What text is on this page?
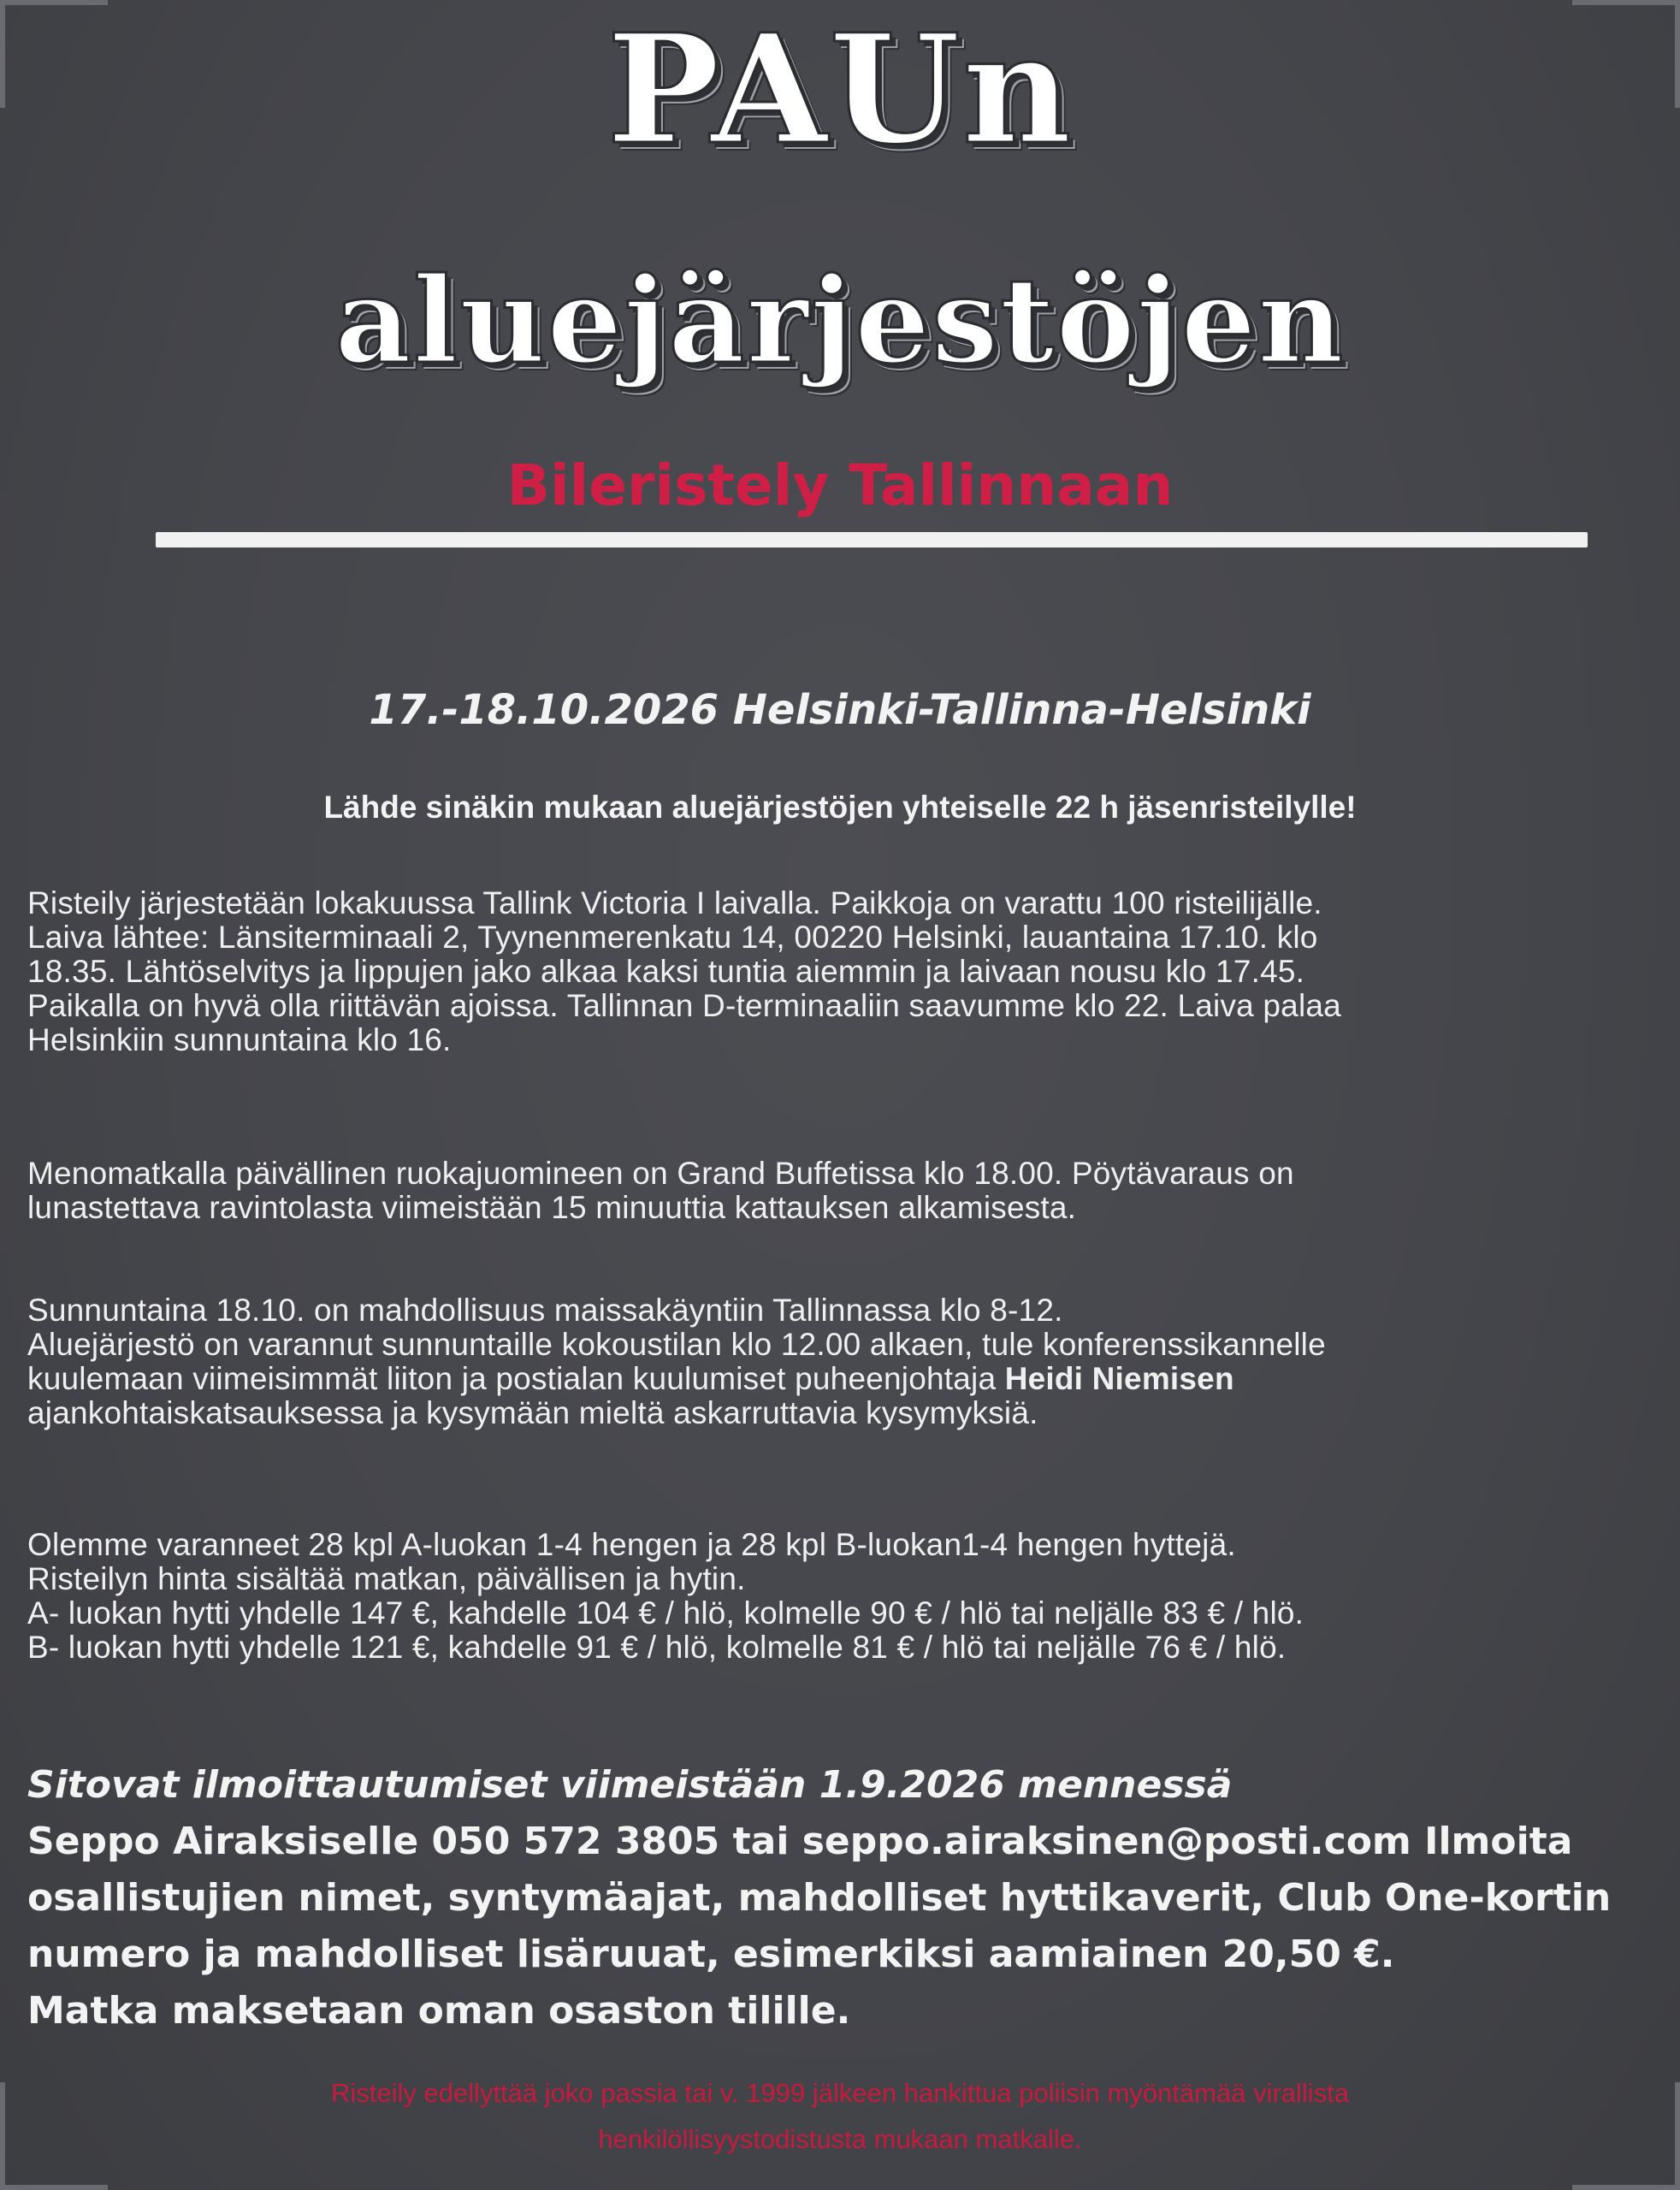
PAUn
aluejärjestöjen
Bileristely Tallinnaan

17.-18.10.2026 Helsinki-Tallinna-Helsinki

Lähde sinäkin mukaan aluejärjestöjen yhteiselle 22 h jäsenristeilylle!

Risteily järjestetään lokakuussa Tallink Victoria I laivalla. Paikkoja on varattu 100 risteilijälle.

Laiva lähtee: Länsiterminaali 2, Tyynenmerenkatu 14, 00220 Helsinki, lauantaina 17.10. klo

18.35. Lähtöselvitys ja lippujen jako alkaa kaksi tuntia aiemmin ja laivaan nousu klo 17.45.

Paikalla on hyvä olla riittävän ajoissa. Tallinnan D-terminaaliin saavumme klo 22. Laiva palaa

Helsinkiin sunnuntaina klo 16.

Menomatkalla päivällinen ruokajuomineen on Grand Buffetissa klo 18.00. Pöytävaraus on

lunastettava ravintolasta viimeistään 15 minuuttia kattauksen alkamisesta.

Sunnuntaina 18.10. on mahdollisuus maissakäyntiin Tallinnassa klo 8-12.

Aluejärjestö on varannut sunnuntaille kokoustilan klo 12.00 alkaen, tule konferenssikannelle

kuulemaan viimeisimmät liiton ja postialan kuulumiset puheenjohtaja Heidi Niemisen

ajankohtaiskatsauksessa ja kysymään mieltä askarruttavia kysymyksiä.

Olemme varanneet 28 kpl A-luokan 1-4 hengen ja 28 kpl B-luokan1-4 hengen hyttejä.

Risteilyn hinta sisältää matkan, päivällisen ja hytin.

A- luokan hytti yhdelle 147 €, kahdelle 104 € / hlö, kolmelle 90 € / hlö tai neljälle 83 € / hlö.

B- luokan hytti yhdelle 121 €, kahdelle 91 € / hlö, kolmelle 81 € / hlö tai neljälle 76 € / hlö.

Sitovat ilmoittautumiset viimeistään 1.9.2026 mennessä
Seppo Airaksiselle 050 572 3805 tai seppo.airaksinen@posti.com Ilmoita
osallistujien nimet, syntymäajat, mahdolliset hyttikaverit, Club One-kortin
numero ja mahdolliset lisäruuat, esimerkiksi aamiainen 20,50 €.
Matka maksetaan oman osaston tilille.

Risteily edellyttää joko passia tai v. 1999 jälkeen hankittua poliisin myöntämää virallista
henkilöllisyystodistusta mukaan matkalle.
